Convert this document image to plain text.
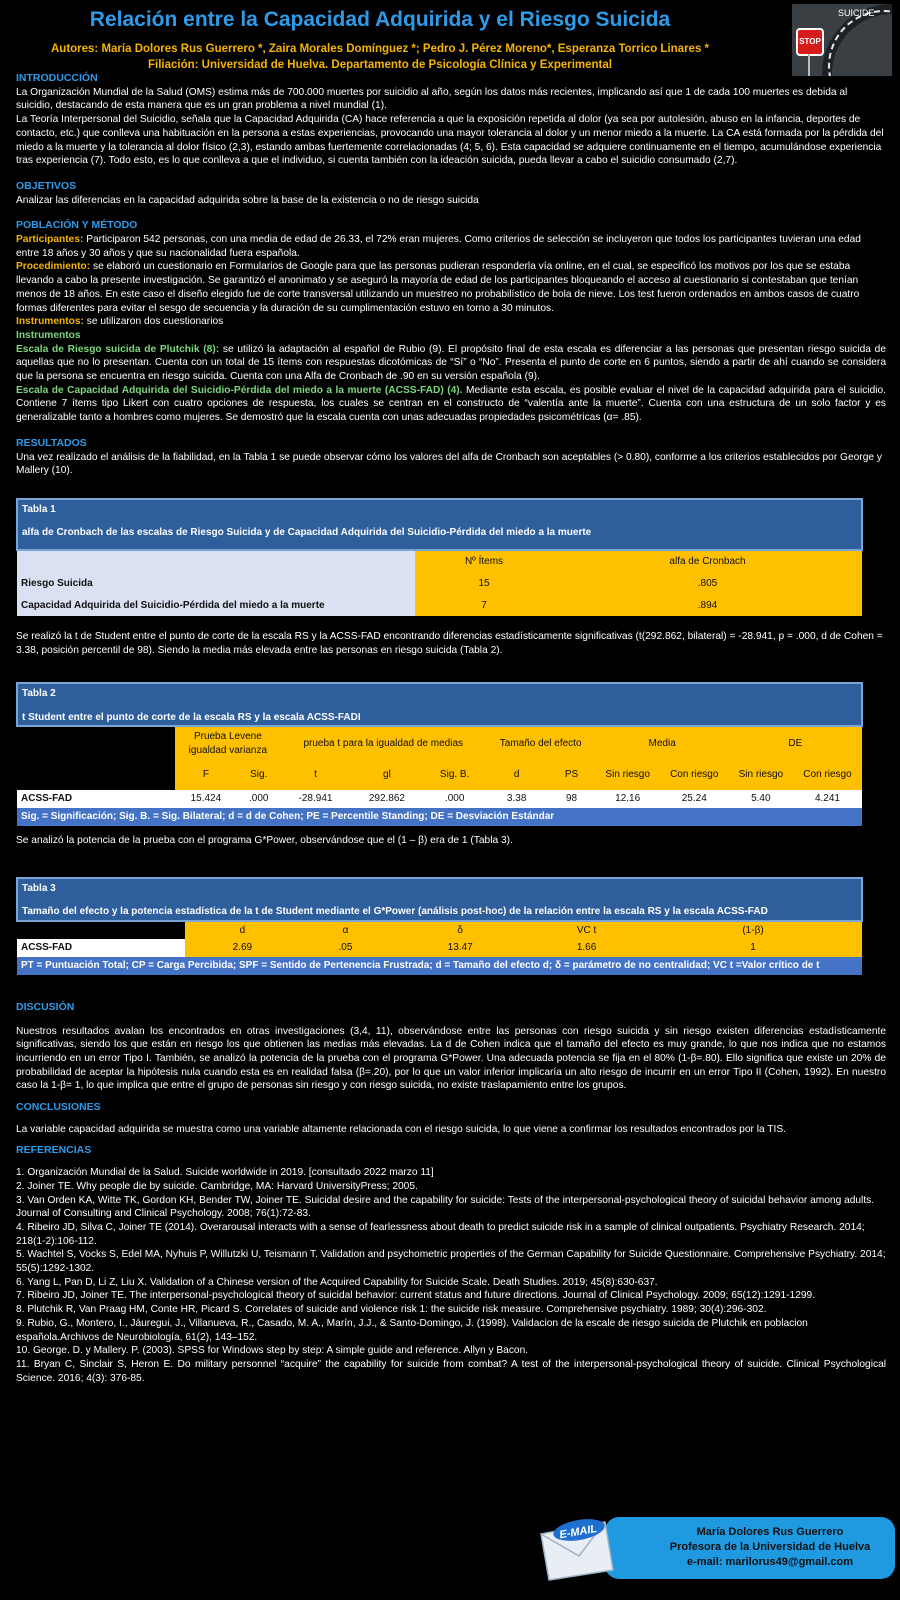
Relación entre la Capacidad Adquirida y el Riesgo Suicida
Autores: María Dolores Rus Guerrero *, Zaira Morales Domínguez *; Pedro J. Pérez Moreno*, Esperanza Torrico Linares *
Filiación: Universidad de Huelva. Departamento de Psicología Clínica y Experimental
SUICIDE
STOP

INTRODUCCIÓN

La Organización Mundial de la Salud (OMS) estima más de 700.000 muertes por suicidio al año, según los datos más recientes, implicando así que 1 de cada 100 muertes es debida al suicidio, destacando de esta manera que es un gran problema a nivel mundial (1).

La Teoría Interpersonal del Suicidio, señala que la Capacidad Adquirida (CA) hace referencia a que la exposición repetida al dolor (ya sea por autolesión, abuso en la infancia, deportes de contacto, etc.) que conlleva una habituación en la persona a estas experiencias, provocando una mayor tolerancia al dolor y un menor miedo a la muerte. La CA está formada por la pérdida del miedo a la muerte y la tolerancia al dolor físico (2,3), estando ambas fuertemente correlacionadas (4; 5, 6). Esta capacidad se adquiere continuamente en el tiempo, acumulándose experiencia tras experiencia (7). Todo esto, es lo que conlleva a que el individuo, si cuenta también con la ideación suicida, pueda llevar a cabo el suicidio consumado (2,7).

OBJETIVOS

Analizar las diferencias en la capacidad adquirida sobre la base de la existencia o no de riesgo suicida

POBLACIÓN Y MÉTODO

Participantes: Participaron 542 personas, con una media de edad de 26.33, el 72% eran mujeres. Como criterios de selección se incluyeron que todos los participantes tuvieran una edad entre 18 años y 30 años y que su nacionalidad fuera española.

Procedimiento: se elaboró un cuestionario en Formularios de Google para que las personas pudieran responderla vía online, en el cual, se especificó los motivos por los que se estaba llevando a cabo la presente investigación. Se garantizó el anonimato y se aseguró la mayoría de edad de los participantes bloqueando el acceso al cuestionario si contestaban que tenían menos de 18 años. En este caso el diseño elegido fue de corte transversal utilizando un muestreo no probabilístico de bola de nieve. Los test fueron ordenados en ambos casos de cuatro formas diferentes para evitar el sesgo de secuencia y la duración de su cumplimentación estuvo en torno a 30 minutos.

Instrumentos: se utilizaron dos cuestionarios

Instrumentos

Escala de Riesgo suicida de Plutchik (8): se utilizó la adaptación al español de Rubio (9). El propósito final de esta escala es diferenciar a las personas que presentan riesgo suicida de aquellas que no lo presentan. Cuenta con un total de 15 ítems con respuestas dicotómicas de “Sí” o “No”. Presenta el punto de corte en 6 puntos, siendo a partir de ahí cuando se considera que la persona se encuentra en riesgo suicida. Cuenta con una Alfa de Cronbach de .90 en su versión española (9).

Escala de Capacidad Adquirida del Suicidio-Pérdida del miedo a la muerte (ACSS-FAD) (4). Mediante esta escala, es posible evaluar el nivel de la capacidad adquirida para el suicidio. Contiene 7 ítems tipo Likert con cuatro opciones de respuesta, los cuales se centran en el constructo de “valentía ante la muerte”. Cuenta con una estructura de un solo factor y es generalizable tanto a hombres como mujeres. Se demostró que la escala cuenta con unas adecuadas propiedades psicométricas (α= .85).

RESULTADOS

Una vez realizado el análisis de la fiabilidad, en la Tabla 1 se puede observar cómo los valores del alfa de Cronbach son aceptables (> 0.80), conforme a los criterios establecidos por George y Mallery (10).

Tabla 1
alfa de Cronbach de las escalas de Riesgo Suicida y de Capacidad Adquirida del Suicidio-Pérdida del miedo a la muerte		

	Nº Ítems	alfa de Cronbach
Riesgo Suicida	15	.805
Capacidad Adquirida del Suicidio-Pérdida del miedo a la muerte	7	.894

Se realizó la t de Student entre el punto de corte de la escala RS y la ACSS-FAD encontrando diferencias estadísticamente significativas (t(292.862, bilateral) = -28.941, p = .000, d de Cohen = 3.38, posición percentil de 98). Siendo la media más elevada entre las personas en riesgo suicida (Tabla 2).

Tabla 2
t Student entre el punto de corte de la escala RS y la escala ACSS-FADI											

	Prueba Levene
igualdad varianza		prueba t para la igualdad de medias			Tamaño del efecto		Media		DE	
	F	Sig.	t	gl	Sig. B.	d	PS	Sin riesgo	Con riesgo	Sin riesgo	Con riesgo
ACSS-FAD	15.424	.000	-28.941	292.862	.000	3.38	98	12.16	25.24	5.40	4.241
Sig. = Significación; Sig. B. = Sig. Bilateral; d = d de Cohen; PE = Percentile Standing; DE = Desviación Estándar											

Se analizó la potencia de la prueba con el programa G*Power, observándose que el (1 – β) era de 1 (Tabla 3).

Tabla 3
Tamaño del efecto y la potencia estadística de la t de Student mediante el G*Power (análisis post-hoc) de la relación entre la escala RS y la escala ACSS-FAD					

	d	α	δ	VC t	(1-β)
ACSS-FAD	2.69	.05	13.47	1.66	1
PT = Puntuación Total; CP = Carga Percibida; SPF = Sentido de Pertenencia Frustrada; d = Tamaño del efecto d; δ = parámetro de no centralidad; VC t =Valor crítico de t					

DISCUSIÓN

Nuestros resultados avalan los encontrados en otras investigaciones (3,4, 11), observándose entre las personas con riesgo suicida y sin riesgo existen diferencias estadísticamente significativas, siendo los que están en riesgo los que obtienen las medias más elevadas. La d de Cohen indica que el tamaño del efecto es muy grande, lo que nos indica que no estamos incurriendo en un error Tipo I. También, se analizó la potencia de la prueba con el programa G*Power. Una adecuada potencia se fija en el 80% (1-β=.80). Ello significa que existe un 20% de probabilidad de aceptar la hipótesis nula cuando esta es en realidad falsa (β=.20), por lo que un valor inferior implicaría un alto riesgo de incurrir en un error Tipo II (Cohen, 1992). En nuestro caso la 1-β= 1, lo que implica que entre el grupo de personas sin riesgo y con riesgo suicida, no existe traslapamiento entre los grupos.

CONCLUSIONES

La variable capacidad adquirida se muestra como una variable altamente relacionada con el riesgo suicida, lo que viene a confirmar los resultados encontrados por la TIS.

REFERENCIAS

1. Organización Mundial de la Salud. Suicide worldwide in 2019. [consultado 2022 marzo 11]

2. Joiner TE. Why people die by suicide. Cambridge, MA: Harvard UniversityPress; 2005.

3. Van Orden KA, Witte TK, Gordon KH, Bender TW, Joiner TE. Suicidal desire and the capability for suicide: Tests of the interpersonal-psychological theory of suicidal behavior among adults. Journal of Consulting and Clinical Psychology. 2008; 76(1):72-83.

4. Ribeiro JD, Silva C, Joiner TE (2014). Overarousal interacts with a sense of fearlessness about death to predict suicide risk in a sample of clinical outpatients. Psychiatry Research. 2014; 218(1-2):106-112.

5. Wachtel S, Vocks S, Edel MA, Nyhuis P, Willutzki U, Teismann T. Validation and psychometric properties of the German Capability for Suicide Questionnaire. Comprehensive Psychiatry. 2014; 55(5):1292-1302.

6. Yang L, Pan D, Li Z, Liu X. Validation of a Chinese version of the Acquired Capability for Suicide Scale. Death Studies. 2019; 45(8):630-637.

7. Ribeiro JD, Joiner TE. The interpersonal-psychological theory of suicidal behavior: current status and future directions. Journal of Clinical Psychology. 2009; 65(12):1291-1299.

8. Plutchik R, Van Praag HM, Conte HR, Picard S. Correlates of suicide and violence risk 1: the suicide risk measure. Comprehensive psychiatry. 1989; 30(4):296-302.

9. Rubio, G., Montero, I., Jáuregui, J., Villanueva, R., Casado, M. A., Marín, J.J., & Santo-Domingo, J. (1998). Validacion de la escale de riesgo suicida de Plutchik en poblacion española.Archivos de Neurobiología, 61(2), 143–152.

10. George. D. y Mallery. P. (2003). SPSS for Windows step by step: A simple guide and reference. Allyn y Bacon.

11. Bryan C, Sinclair S, Heron E. Do military personnel “acquire” the capability for suicide from combat? A test of the interpersonal-psychological theory of suicide. Clinical Psychological Science. 2016; 4(3): 376-85.

María Dolores Rus Guerrero
Profesora de la Universidad de Huelva
e-mail: marilorus49@gmail.com
E-MAIL
